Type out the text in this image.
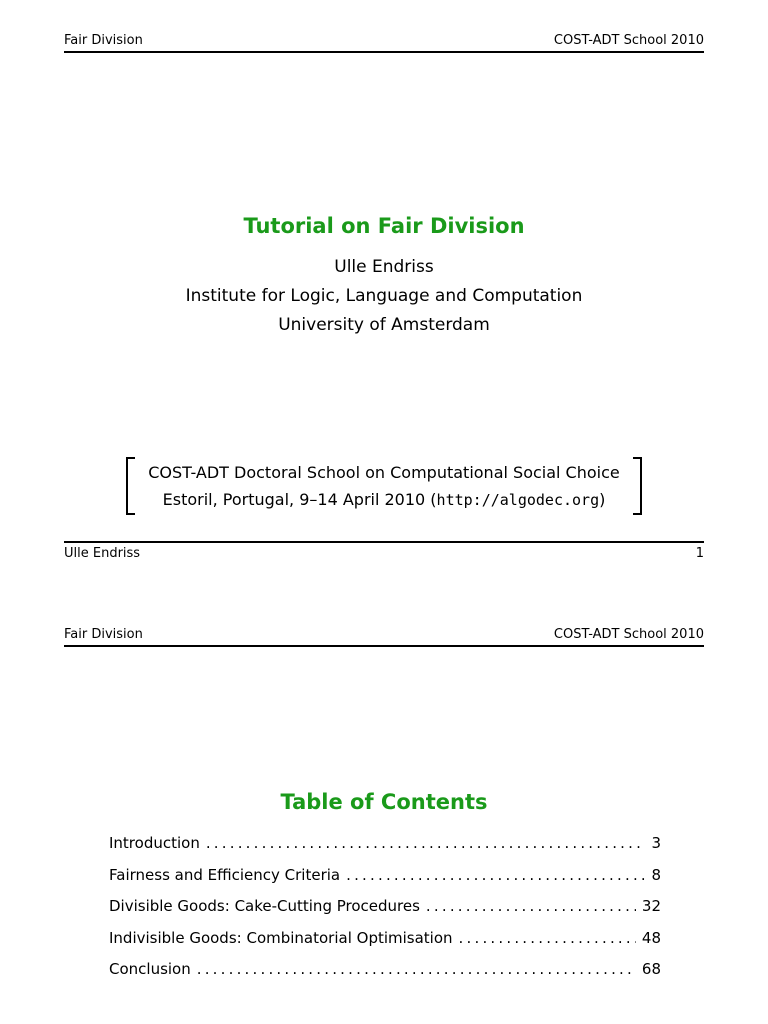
Fair Division	COST-ADT School 2010
Tutorial on Fair Division
Ulle Endriss
Institute for Logic, Language and Computation
University of Amsterdam
COST-ADT Doctoral School on Computational Social Choice
Estoril, Portugal, 9–14 April 2010 (http://algodec.org)
Ulle Endriss	1
Fair Division	COST-ADT School 2010
Table of Contents
Introduction .....	3
Fairness and Efficiency Criteria .....	8
Divisible Goods: Cake-Cutting Procedures .....	32
Indivisible Goods: Combinatorial Optimisation .....	48
Conclusion .....	68
